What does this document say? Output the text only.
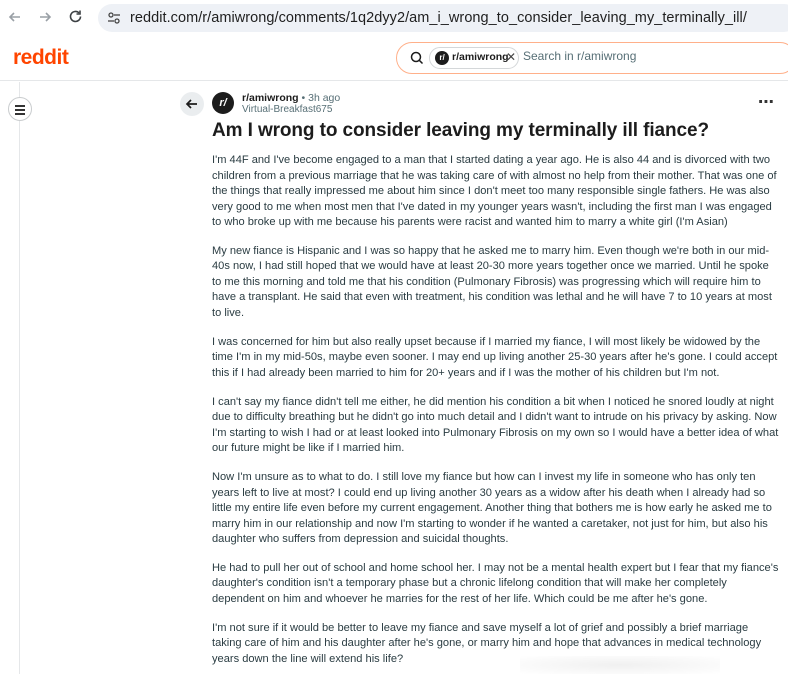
reddit.com/r/amiwrong/comments/1q2dyy2/am_i_wrong_to_consider_leaving_my_terminally_ill/
reddit	r/ r/amiwrong
✕
Search in r/amiwrong
r/	r/amiwrong • 3h ago
Virtual-Breakfast675	⋯
Am I wrong to consider leaving my terminally ill fiance?

I'm 44F and I've become engaged to a man that I started dating a year ago. He is also 44 and is divorced with two children from a previous marriage that he was taking care of with almost no help from their mother. That was one of the things that really impressed me about him since I don't meet too many responsible single fathers. He was also very good to me when most men that I've dated in my younger years wasn't, including the first man I was engaged to who broke up with me because his parents were racist and wanted him to marry a white girl (I'm Asian)

My new fiance is Hispanic and I was so happy that he asked me to marry him. Even though we're both in our mid-40s now, I had still hoped that we would have at least 20-30 more years together once we married. Until he spoke to me this morning and told me that his condition (Pulmonary Fibrosis) was progressing which will require him to have a transplant. He said that even with treatment, his condition was lethal and he will have 7 to 10 years at most to live.

I was concerned for him but also really upset because if I married my fiance, I will most likely be widowed by the time I'm in my mid-50s, maybe even sooner. I may end up living another 25-30 years after he's gone. I could accept this if I had already been married to him for 20+ years and if I was the mother of his children but I'm not.

I can't say my fiance didn't tell me either, he did mention his condition a bit when I noticed he snored loudly at night due to difficulty breathing but he didn't go into much detail and I didn't want to intrude on his privacy by asking. Now I'm starting to wish I had or at least looked into Pulmonary Fibrosis on my own so I would have a better idea of what our future might be like if I married him.

Now I'm unsure as to what to do. I still love my fiance but how can I invest my life in someone who has only ten years left to live at most? I could end up living another 30 years as a widow after his death when I already had so little my entire life even before my current engagement. Another thing that bothers me is how early he asked me to marry him in our relationship and now I'm starting to wonder if he wanted a caretaker, not just for him, but also his daughter who suffers from depression and suicidal thoughts.

He had to pull her out of school and home school her. I may not be a mental health expert but I fear that my fiance's daughter's condition isn't a temporary phase but a chronic lifelong condition that will make her completely dependent on him and whoever he marries for the rest of her life. Which could be me after he's gone.

I'm not sure if it would be better to leave my fiance and save myself a lot of grief and possibly a brief marriage taking care of him and his daughter after he's gone, or marry him and hope that advances in medical technology years down the line will extend his life?
